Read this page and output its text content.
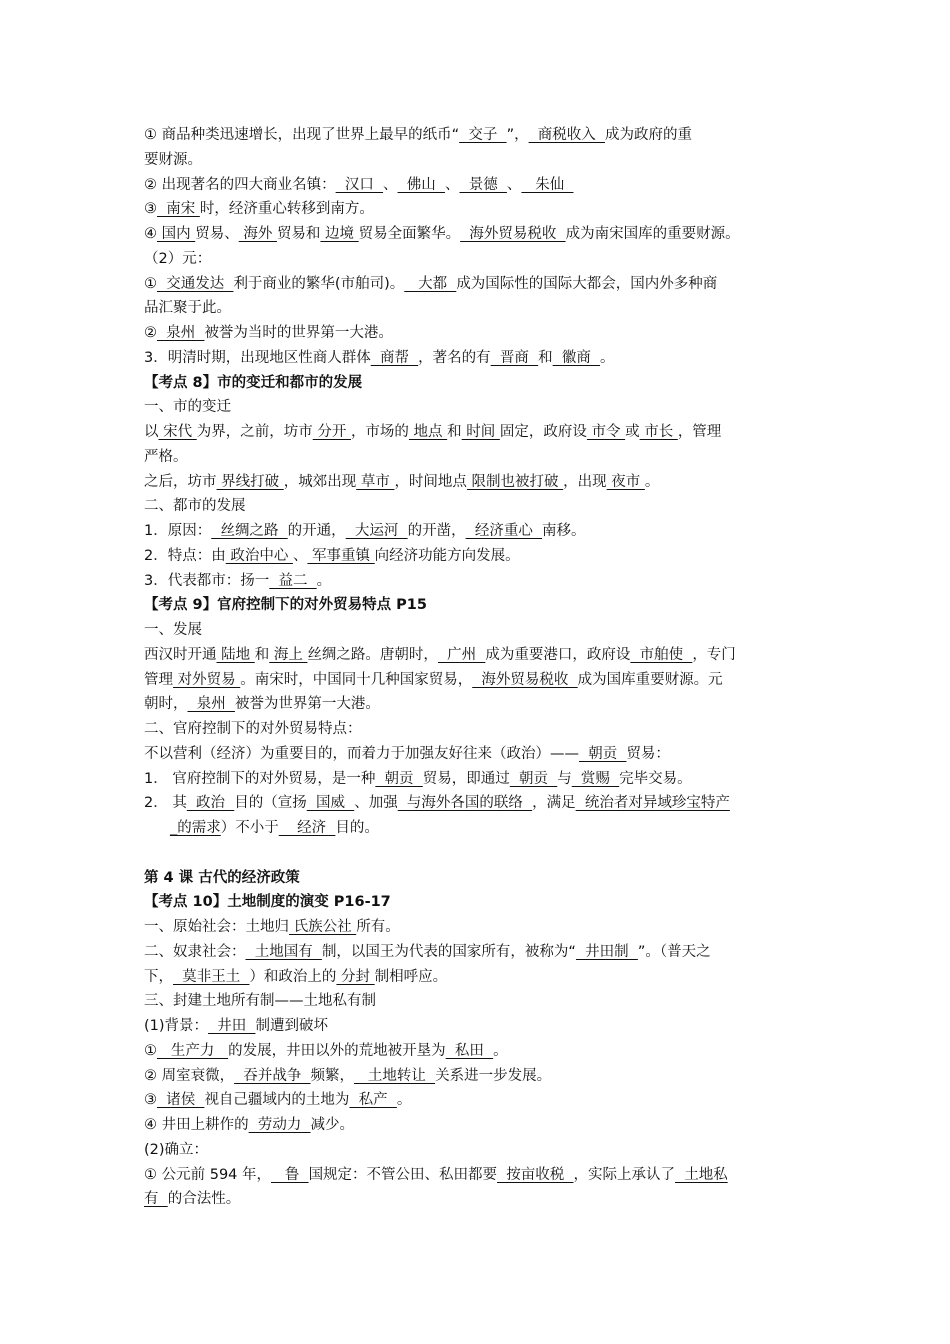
① 商品种类迅速增长，出现了世界上最早的纸币“  交子  ”，  商税收入  成为政府的重
要财源。
② 出现著名的四大商业名镇：  汉口  、  佛山  、  景德  、   朱仙
③  南宋 时，经济重心转移到南方。
④ 国内 贸易、 海外 贸易和 边境 贸易全面繁华。  海外贸易税收  成为南宋国库的重要财源。
（2）元：
①  交通发达  利于商业的繁华(市舶司)。   大都  成为国际性的国际大都会，国内外多种商
品汇聚于此。
②  泉州  被誉为当时的世界第一大港。
3．明清时期，出现地区性商人群体  商帮  ，著名的有  晋商  和  徽商  。
【考点 8】市的变迁和都市的发展
一、市的变迁
以 宋代 为界，之前，坊市 分开 ，市场的 地点 和 时间 固定，政府设 市令 或 市长 ，管理
严格。
之后，坊市 界线打破 ，城郊出现 草市 ，时间地点 限制也被打破 ，出现 夜市 。
二、都市的发展
1．原因：  丝绸之路  的开通，  大运河  的开凿，  经济重心  南移。
2．特点：由 政治中心 、 军事重镇 向经济功能方向发展。
3．代表都市：扬一  益二  。
【考点 9】官府控制下的对外贸易特点 P15
一、发展
西汉时开通 陆地 和 海上 丝绸之路。唐朝时，  广州  成为重要港口，政府设  市舶使  ，专门
管理 对外贸易 。南宋时，中国同十几种国家贸易，  海外贸易税收  成为国库重要财源。元
朝时，  泉州  被誉为世界第一大港。
二、官府控制下的对外贸易特点：
不以营利（经济）为重要目的，而着力于加强友好往来（政治）——  朝贡  贸易：
1． 官府控制下的对外贸易，是一种  朝贡  贸易，即通过  朝贡  与  赏赐  完毕交易。
2． 其  政治  目的（宣扬  国威  、加强  与海外各国的联络  ，满足  统治者对异域珍宝特产
_的需求）不小于    经济  目的。
第 4 课 古代的经济政策
【考点 10】土地制度的演变 P16-17
一、原始社会：土地归 氏族公社 所有。
二、奴隶社会：  土地国有  制，以国王为代表的国家所有，被称为“  井田制  ”。（普天之
下，  莫非王土  ）和政治上的 分封 制相呼应。
三、封建土地所有制——土地私有制
(1)背景：  井田  制遭到破坏
①   生产力   的发展，井田以外的荒地被开垦为  私田  。
② 周室衰微，  吞并战争  频繁，   土地转让  关系进一步发展。
③  诸侯  视自己疆域内的土地为  私产  。
④ 井田上耕作的  劳动力  减少。
(2)确立：
① 公元前 594 年，   鲁  国规定：不管公田、私田都要  按亩收税  ，实际上承认了  土地私
有  的合法性。
